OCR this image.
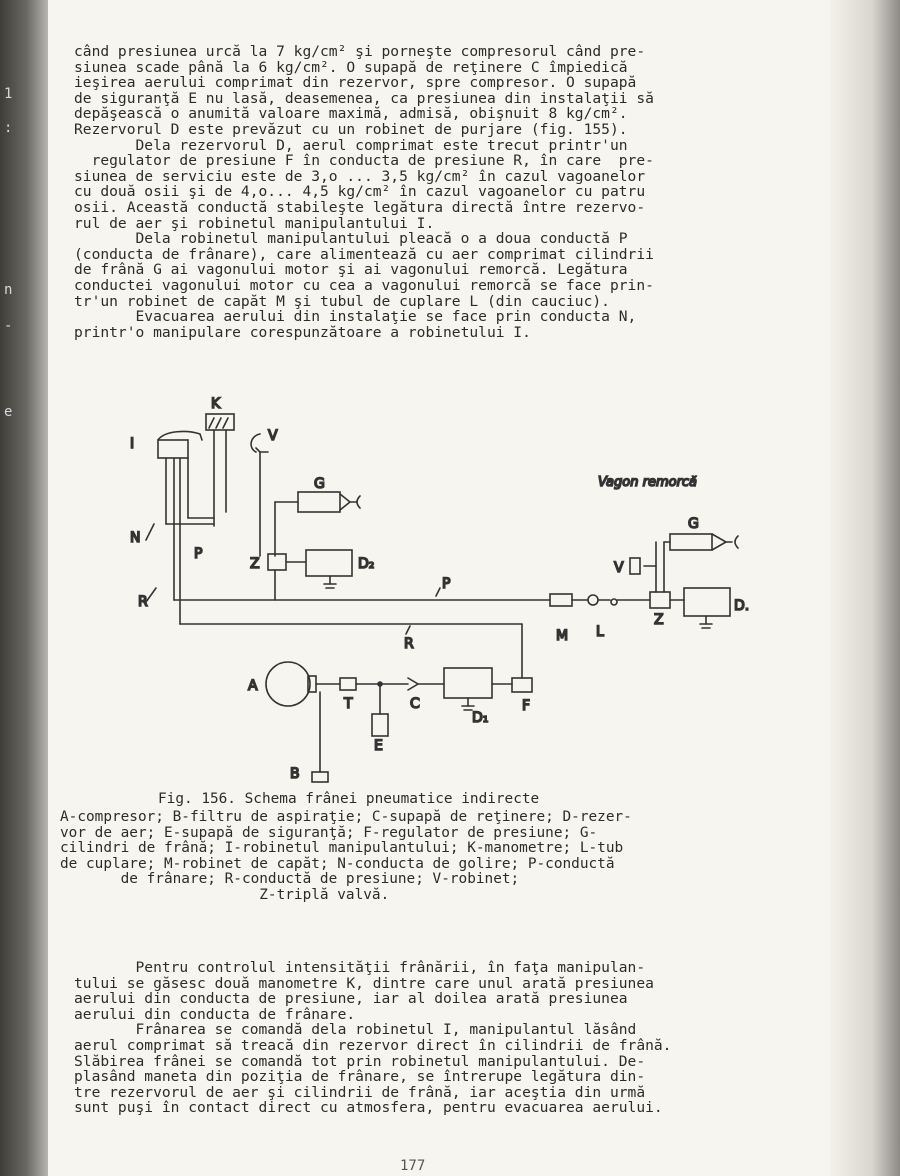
1
:
n
-
e
când presiunea urcă la 7 kg/cm² şi porneşte compresorul când pre-
siunea scade până la 6 kg/cm². O supapă de reţinere C împiedică
ieşirea aerului comprimat din rezervor, spre compresor. O supapă
de siguranţă E nu lasă, deasemenea, ca presiunea din instalaţii să
depăşească o anumită valoare maximă, admisă, obişnuit 8 kg/cm².
Rezervorul D este prevăzut cu un robinet de purjare (fig. 155).
Dela rezervorul D, aerul comprimat este trecut printr'un
regulator de presiune F în conducta de presiune R, în care  pre-
siunea de serviciu este de 3,o ... 3,5 kg/cm² în cazul vagoanelor
cu două osii şi de 4,o... 4,5 kg/cm² în cazul vagoanelor cu patru
osii. Această conductă stabileşte legătura directă între rezervo-
rul de aer şi robinetul manipulantului I.
Dela robinetul manipulantului pleacă o a doua conductă P
(conducta de frânare), care alimentează cu aer comprimat cilindrii
de frână G ai vagonului motor şi ai vagonului remorcă. Legătura
conductei vagonului motor cu cea a vagonului remorcă se face prin-
tr'un robinet de capăt M şi tubul de cuplare L (din cauciuc).
Evacuarea aerului din instalaţie se face prin conducta N,
printr'o manipulare corespunzătoare a robinetului I.
I
K
V
G
N
P
Z	D₂
R
P
R	M L
Z
D.
V
G
A
T	C
D₁
F
E
B
Vagon remorcă
Fig. 156. Schema frânei pneumatice indirecte
A-compresor; B-filtru de aspiraţie; C-supapă de reţinere; D-rezer-
vor de aer; E-supapă de siguranţă; F-regulator de presiune; G-
cilindri de frână; I-robinetul manipulantului; K-manometre; L-tub
de cuplare; M-robinet de capăt; N-conducta de golire; P-conductă
de frânare; R-conductă de presiune; V-robinet;
Z-triplă valvă.
Pentru controlul intensităţii frânării, în faţa manipulan-
tului se găsesc două manometre K, dintre care unul arată presiunea
aerului din conducta de presiune, iar al doilea arată presiunea
aerului din conducta de frânare.
Frânarea se comandă dela robinetul I, manipulantul lăsând
aerul comprimat să treacă din rezervor direct în cilindrii de frână.
Slăbirea frânei se comandă tot prin robinetul manipulantului. De-
plasând maneta din poziţia de frânare, se întrerupe legătura din-
tre rezervorul de aer şi cilindrii de frână, iar aceştia din urmă
sunt puşi în contact direct cu atmosfera, pentru evacuarea aerului.
177
